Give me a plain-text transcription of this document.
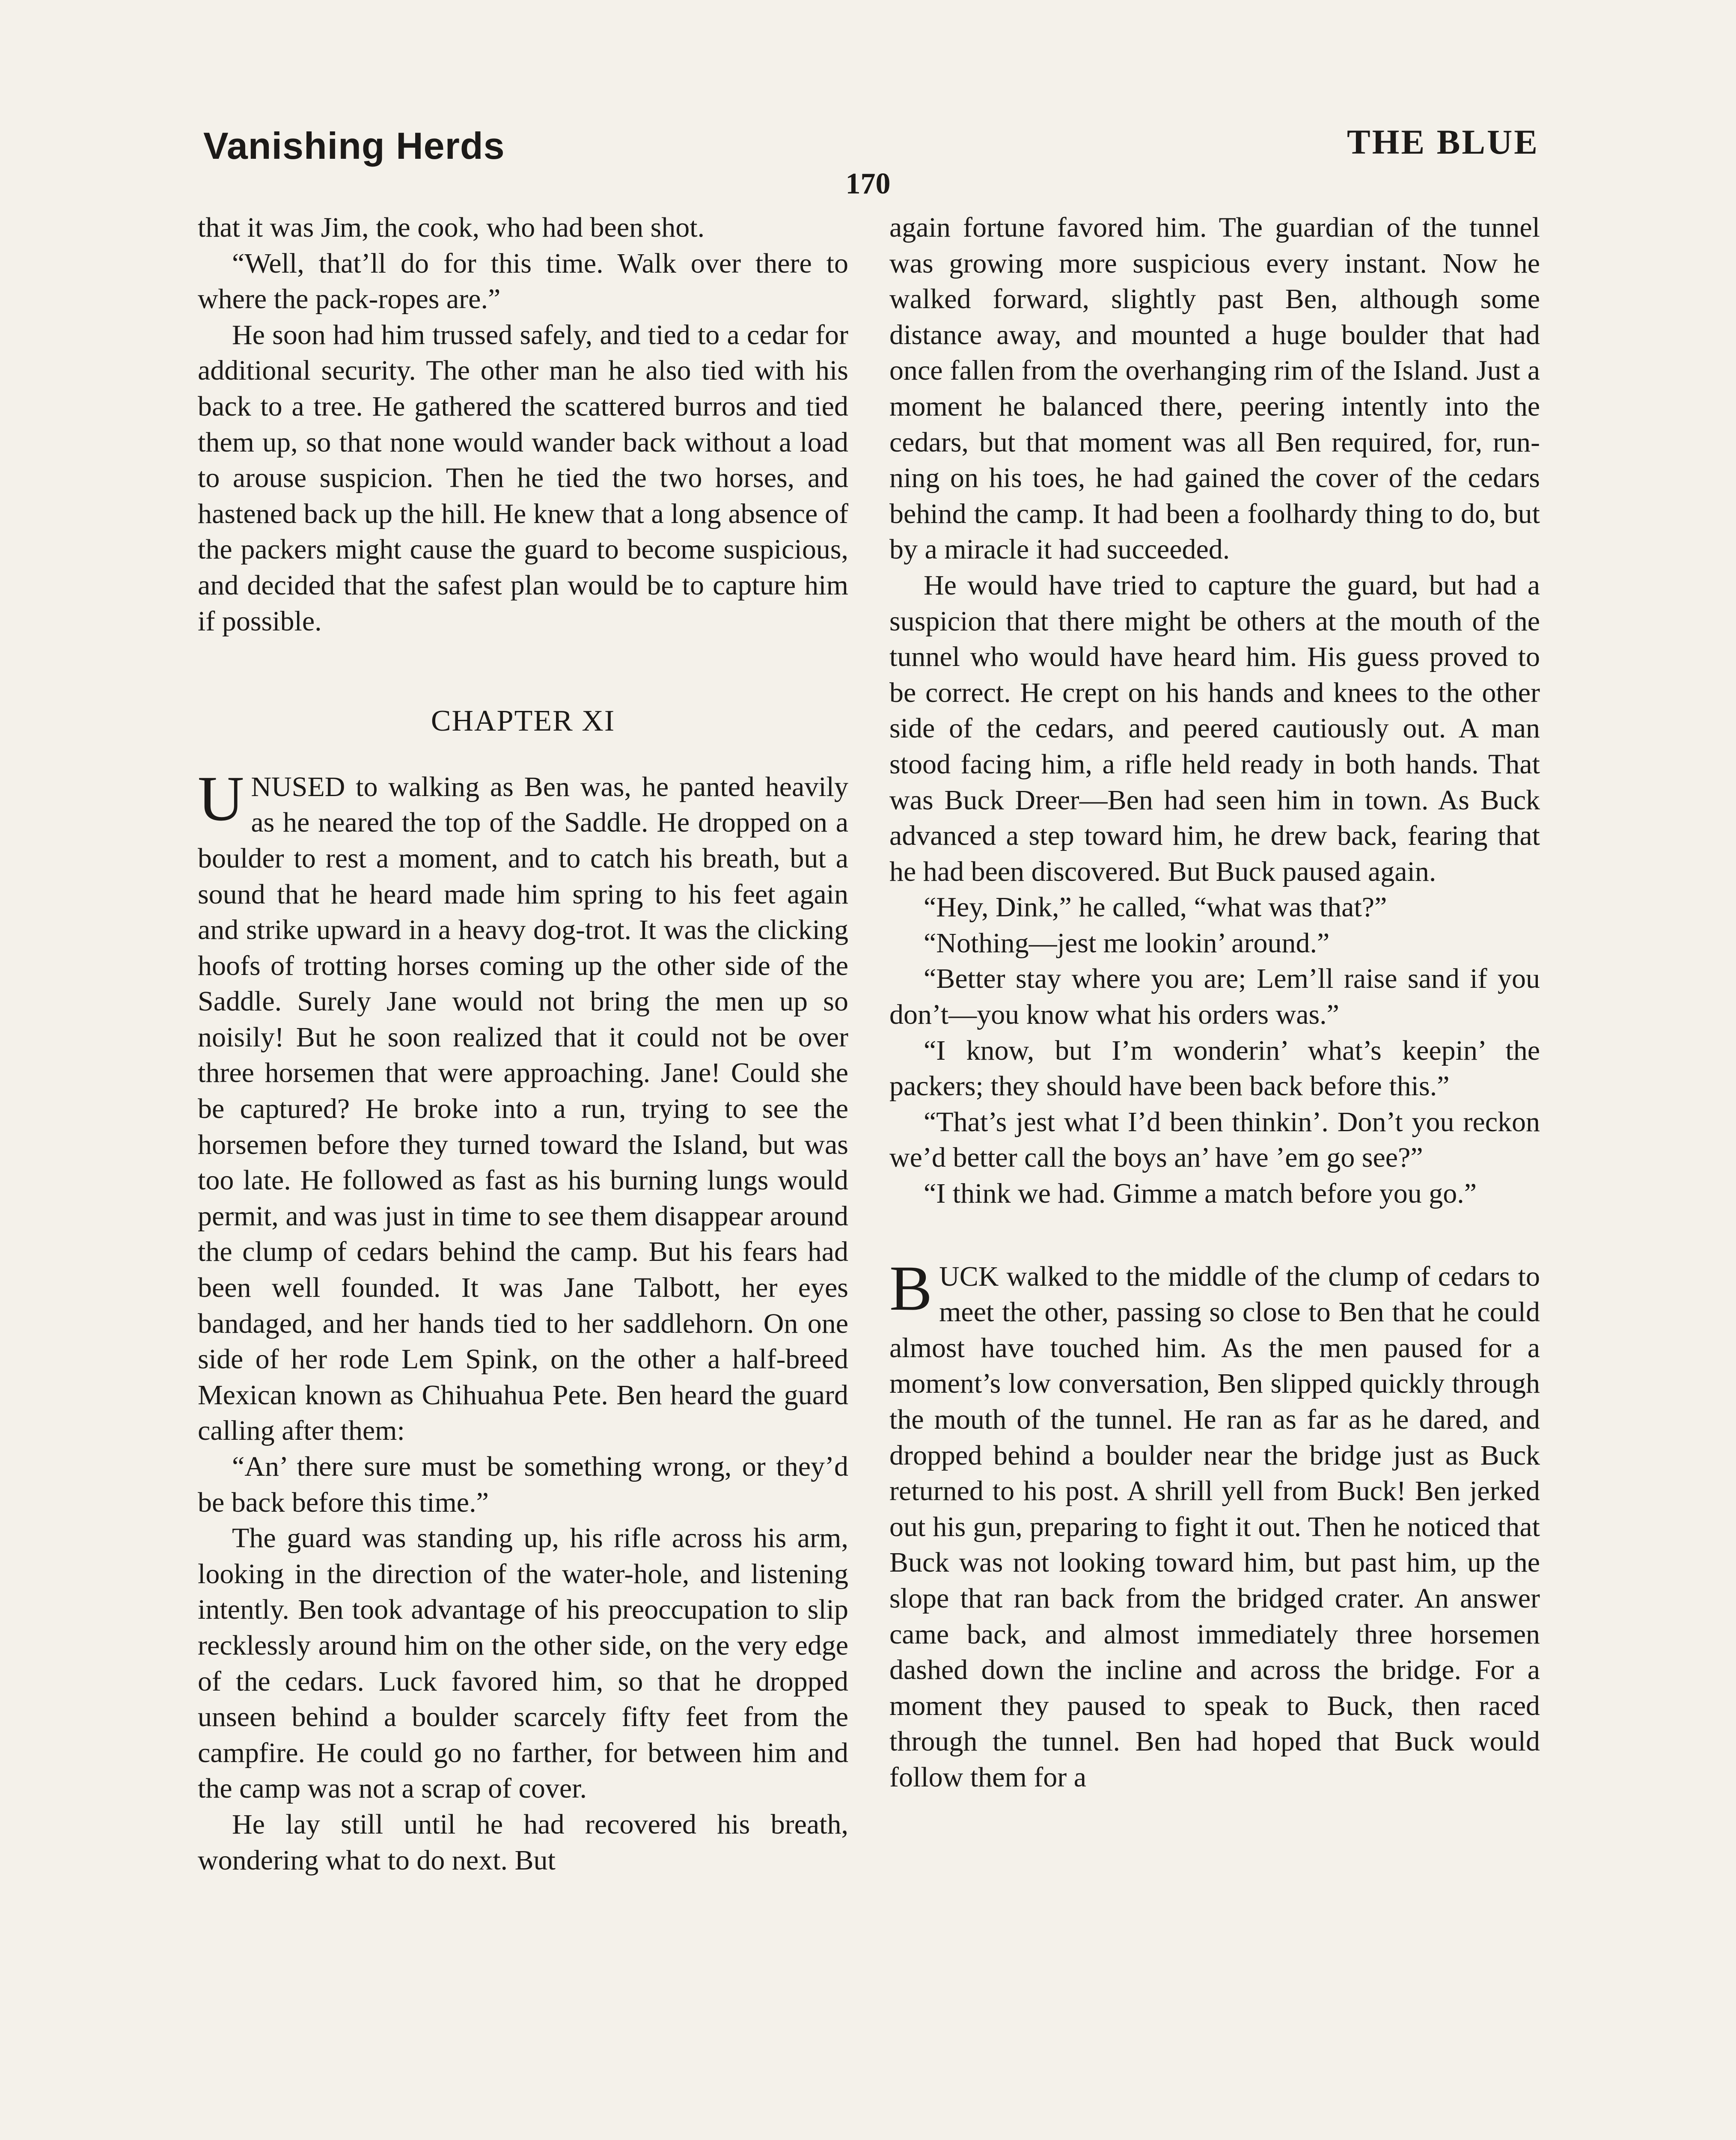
Vanishing Herds	THE BLUE
170

that it was Jim, the cook, who had been shot.

“Well, that’ll do for this time. Walk over there to where the pack-ropes are.”

He soon had him trussed safely, and tied to a cedar for additional security. The other man he also tied with his back to a tree. He gathered the scattered burros and tied them up, so that none would wander back without a load to arouse suspicion. Then he tied the two horses, and hastened back up the hill. He knew that a long absence of the packers might cause the guard to become suspicious, and decided that the safest plan would be to capture him if possible.

CHAPTER XI

UNUSED to walking as Ben was, he panted heavily as he neared the top of the Saddle. He dropped on a boulder to rest a moment, and to catch his breath, but a sound that he heard made him spring to his feet again and strike upward in a heavy dog-trot. It was the clicking hoofs of trotting horses coming up the other side of the Saddle. Surely Jane would not bring the men up so noisily! But he soon realized that it could not be over three horsemen that were approaching. Jane! Could she be captured? He broke into a run, trying to see the horsemen before they turned toward the Island, but was too late. He followed as fast as his burning lungs would permit, and was just in time to see them disappear around the clump of cedars behind the camp. But his fears had been well founded. It was Jane Talbott, her eyes bandaged, and her hands tied to her saddlehorn. On one side of her rode Lem Spink, on the other a half-breed Mexican known as Chihuahua Pete. Ben heard the guard calling after them:

“An’ there sure must be something wrong, or they’d be back before this time.”

The guard was standing up, his rifle across his arm, looking in the direction of the water-hole, and listening intently. Ben took advantage of his preoccupation to slip recklessly around him on the other side, on the very edge of the cedars. Luck favored him, so that he dropped unseen behind a boulder scarcely fifty feet from the campfire. He could go no farther, for between him and the camp was not a scrap of cover.

He lay still until he had recovered his breath, wondering what to do next. But

again fortune favored him. The guardian of the tunnel was growing more suspicious every instant. Now he walked forward, slightly past Ben, although some distance away, and mounted a huge boulder that had once fallen from the overhanging rim of the Island. Just a moment he balanced there, peering intently into the cedars, but that moment was all Ben required, for, running on his toes, he had gained the cover of the cedars behind the camp. It had been a foolhardy thing to do, but by a miracle it had succeeded.

He would have tried to capture the guard, but had a suspicion that there might be others at the mouth of the tunnel who would have heard him. His guess proved to be correct. He crept on his hands and knees to the other side of the cedars, and peered cautiously out. A man stood facing him, a rifle held ready in both hands. That was Buck Dreer—Ben had seen him in town. As Buck advanced a step toward him, he drew back, fearing that he had been discovered. But Buck paused again.

“Hey, Dink,” he called, “what was that?”

“Nothing—jest me lookin’ around.”

“Better stay where you are; Lem’ll raise sand if you don’t—you know what his orders was.”

“I know, but I’m wonderin’ what’s keepin’ the packers; they should have been back before this.”

“That’s jest what I’d been thinkin’. Don’t you reckon we’d better call the boys an’ have ’em go see?”

“I think we had. Gimme a match before you go.”

BUCK walked to the middle of the clump of cedars to meet the other, passing so close to Ben that he could almost have touched him. As the men paused for a moment’s low conversation, Ben slipped quickly through the mouth of the tunnel. He ran as far as he dared, and dropped behind a boulder near the bridge just as Buck returned to his post. A shrill yell from Buck! Ben jerked out his gun, preparing to fight it out. Then he noticed that Buck was not looking toward him, but past him, up the slope that ran back from the bridged crater. An answer came back, and almost immediately three horsemen dashed down the incline and across the bridge. For a moment they paused to speak to Buck, then raced through the tunnel. Ben had hoped that Buck would follow them for a
